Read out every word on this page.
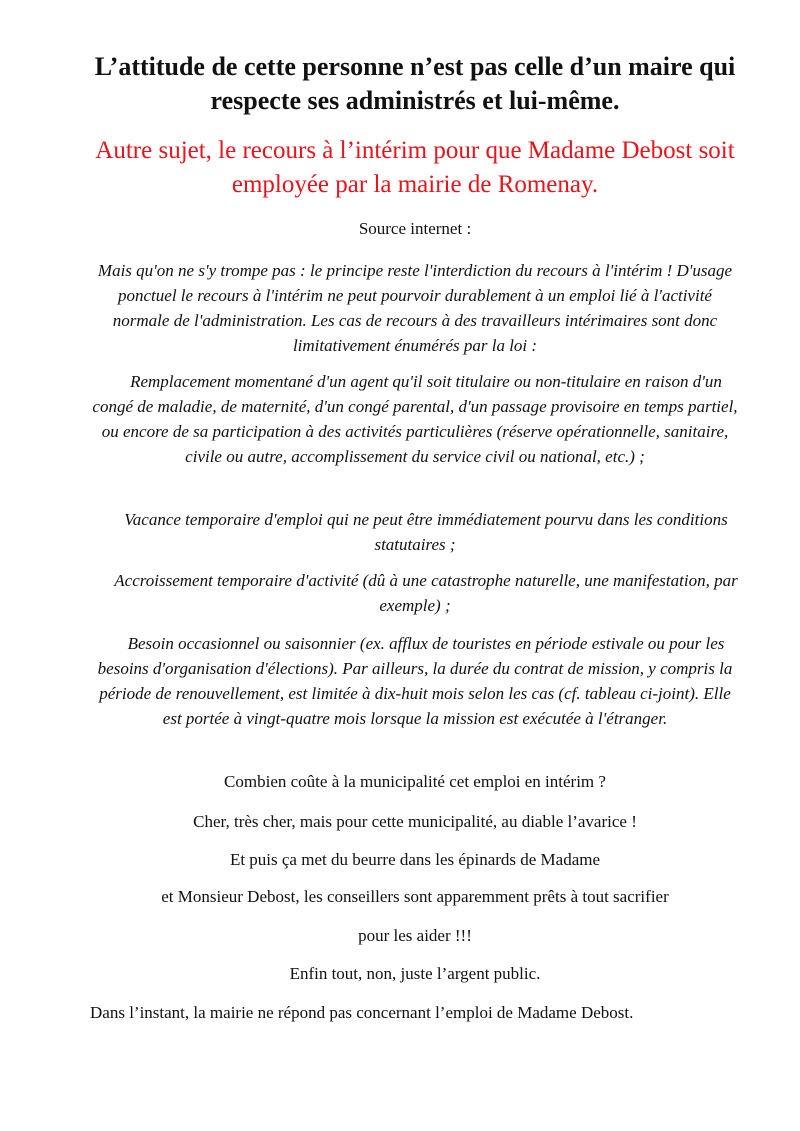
L’attitude de cette personne n’est pas celle d’un maire qui respecte ses administrés et lui-même.
Autre sujet, le recours à l’intérim pour que Madame Debost soit employée par la mairie de Romenay.

Source internet :

Mais qu'on ne s'y trompe pas : le principe reste l'interdiction du recours à l'intérim ! D'usage ponctuel le recours à l'intérim ne peut pourvoir durablement à un emploi lié à l'activité normale de l'administration. Les cas de recours à des travailleurs intérimaires sont donc limitativement énumérés par la loi :

Remplacement momentané d'un agent qu'il soit titulaire ou non-titulaire en raison d'un congé de maladie, de maternité, d'un congé parental, d'un passage provisoire en temps partiel, ou encore de sa participation à des activités particulières (réserve opérationnelle, sanitaire, civile ou autre, accomplissement du service civil ou national, etc.) ;

Vacance temporaire d'emploi qui ne peut être immédiatement pourvu dans les conditions statutaires ;

Accroissement temporaire d'activité (dû à une catastrophe naturelle, une manifestation, par exemple) ;

Besoin occasionnel ou saisonnier (ex. afflux de touristes en période estivale ou pour les besoins d'organisation d'élections). Par ailleurs, la durée du contrat de mission, y compris la période de renouvellement, est limitée à dix-huit mois selon les cas (cf. tableau ci-joint). Elle est portée à vingt-quatre mois lorsque la mission est exécutée à l'étranger.

Combien coûte à la municipalité cet emploi en intérim ?

Cher, très cher, mais pour cette municipalité, au diable l’avarice !

Et puis ça met du beurre dans les épinards de Madame

et Monsieur Debost, les conseillers sont apparemment prêts à tout sacrifier

pour les aider !!!

Enfin tout, non, juste l’argent public.

Dans l’instant, la mairie ne répond pas concernant l’emploi de Madame Debost.
